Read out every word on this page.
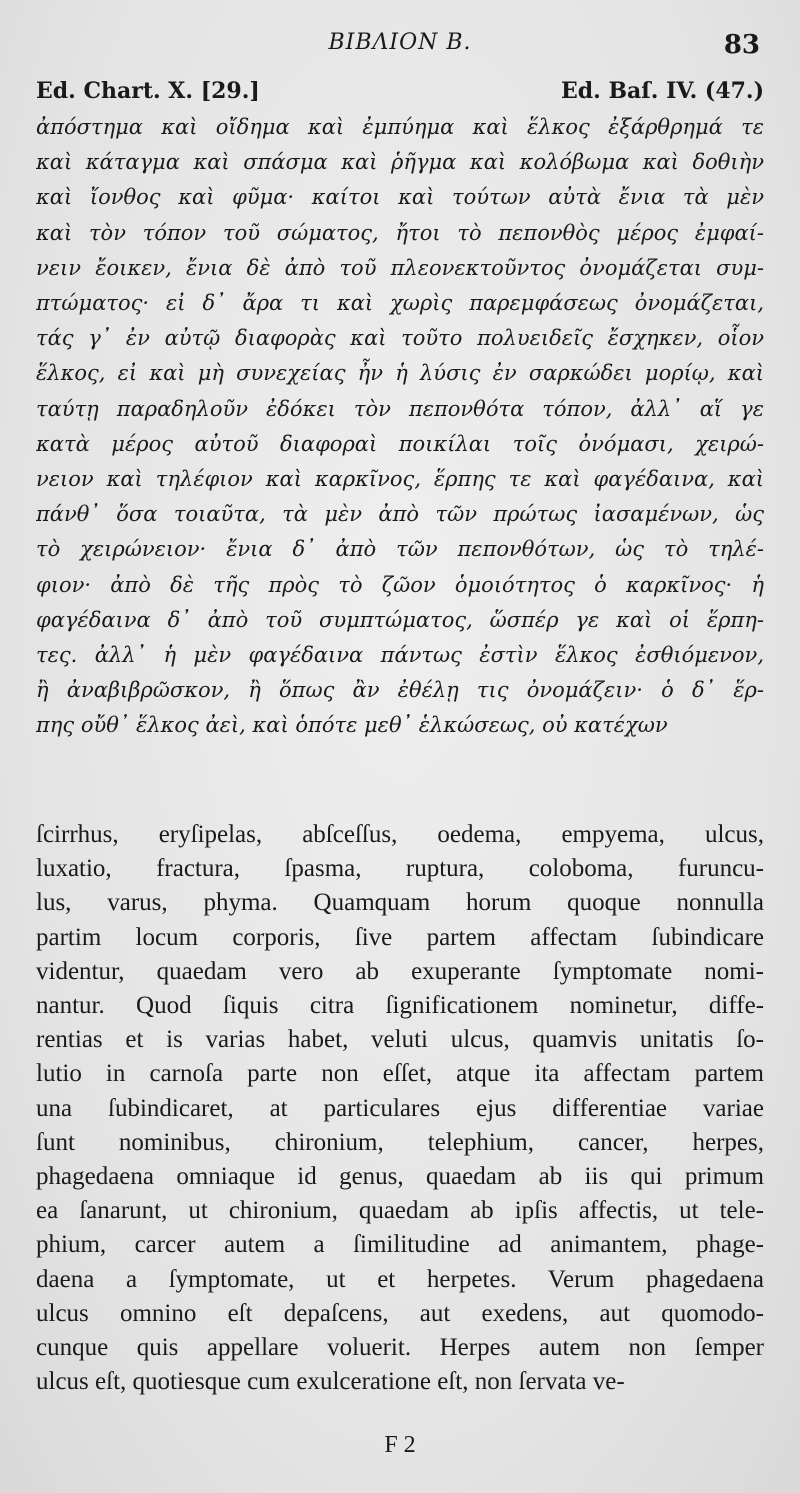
BIBΛΙΟΝ B.	83
Ed. Chart. X. [29.]	Ed. Baſ. IV. (47.)
ἀπόστημα καὶ οἴδημα καὶ ἐμπύημα καὶ ἕλκος ἐξάρθρημά τε
καὶ κάταγμα καὶ σπάσμα καὶ ῥῆγμα καὶ κολόβωμα καὶ δοθιὴν
καὶ ἴονθος καὶ φῦμα· καίτοι καὶ τούτων αὐτὰ ἔνια τὰ μὲν
καὶ τὸν τόπον τοῦ σώματος, ἤτοι τὸ πεπονθὸς μέρος ἐμφαί-
νειν ἔοικεν, ἔνια δὲ ἀπὸ τοῦ πλεονεκτοῦντος ὀνομάζεται συμ-
πτώματος· εἰ δ᾽ ἄρα τι καὶ χωρὶς παρεμφάσεως ὀνομάζεται,
τάς γ᾽ ἐν αὐτῷ διαφορὰς καὶ τοῦτο πολυειδεῖς ἔσχηκεν, οἷον
ἕλκος, εἰ καὶ μὴ συνεχείας ἦν ἡ λύσις ἐν σαρκώδει μορίῳ, καὶ
ταύτῃ παραδηλοῦν ἐδόκει τὸν πεπονθότα τόπον, ἀλλ᾽ αἵ γε
κατὰ μέρος αὐτοῦ διαφοραὶ ποικίλαι τοῖς ὀνόμασι, χειρώ-
νειον καὶ τηλέφιον καὶ καρκῖνος, ἕρπης τε καὶ φαγέδαινα, καὶ
πάνθ᾽ ὅσα τοιαῦτα, τὰ μὲν ἀπὸ τῶν πρώτως ἰασαμένων, ὡς
τὸ χειρώνειον· ἔνια δ᾽ ἀπὸ τῶν πεπονθότων, ὡς τὸ τηλέ-
φιον· ἀπὸ δὲ τῆς πρὸς τὸ ζῶον ὁμοιότητος ὁ καρκῖνος· ἡ
φαγέδαινα δ᾽ ἀπὸ τοῦ συμπτώματος, ὥσπέρ γε καὶ οἱ ἕρπη-
τες. ἀλλ᾽ ἡ μὲν φαγέδαινα πάντως ἐστὶν ἕλκος ἐσθιόμενον,
ἢ ἀναβιβρῶσκον, ἢ ὅπως ἂν ἐθέλῃ τις ὀνομάζειν· ὁ δ᾽ ἕρ-
πης οὔθ᾽ ἕλκος ἀεὶ, καὶ ὁπότε μεθ᾽ ἑλκώσεως, οὐ κατέχων
ſcirrhus, eryſipelas, abſceſſus, oedema, empyema, ulcus,
luxatio, fractura, ſpasma, ruptura, coloboma, furuncu-
lus, varus, phyma. Quamquam horum quoque nonnulla
partim locum corporis, ſive partem affectam ſubindicare
videntur, quaedam vero ab exuperante ſymptomate nomi-
nantur. Quod ſiquis citra ſignificationem nominetur, diffe-
rentias et is varias habet, veluti ulcus, quamvis unitatis ſo-
lutio in carnoſa parte non eſſet, atque ita affectam partem
una ſubindicaret, at particulares ejus differentiae variae
ſunt nominibus, chironium, telephium, cancer, herpes,
phagedaena omniaque id genus, quaedam ab iis qui primum
ea ſanarunt, ut chironium, quaedam ab ipſis affectis, ut tele-
phium, carcer autem a ſimilitudine ad animantem, phage-
daena a ſymptomate, ut et herpetes. Verum phagedaena
ulcus omnino eſt depaſcens, aut exedens, aut quomodo-
cunque quis appellare voluerit. Herpes autem non ſemper
ulcus eſt, quotiesque cum exulceratione eſt, non ſervata ve-
F 2
